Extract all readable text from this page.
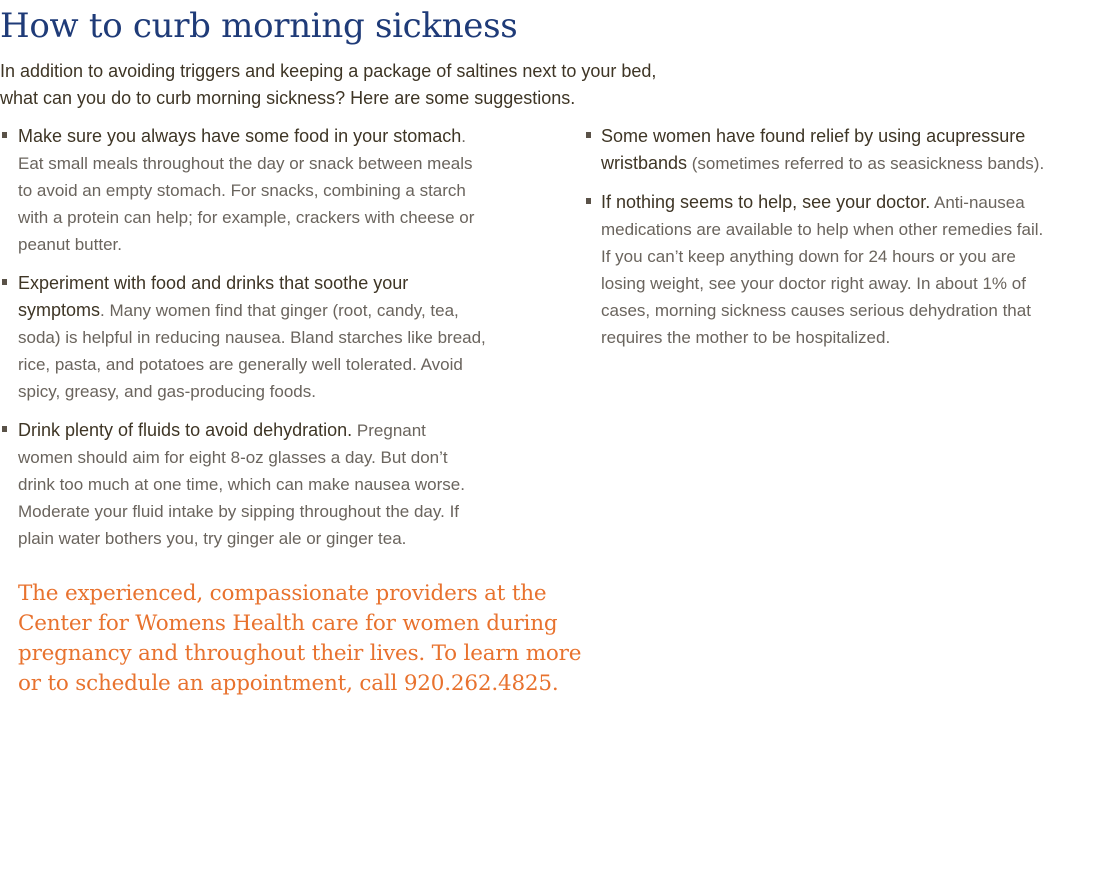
How to curb morning sickness

In addition to avoiding triggers and keeping a package of saltines next to your bed,
what can you do to curb morning sickness? Here are some suggestions.

Make sure you always have some food in your stomach.
Eat small meals throughout the day or snack between meals
to avoid an empty stomach. For snacks, combining a starch
with a protein can help; for example, crackers with cheese or
peanut butter.
Experiment with food and drinks that soothe your
symptoms. Many women find that ginger (root, candy, tea,
soda) is helpful in reducing nausea. Bland starches like bread,
rice, pasta, and potatoes are generally well tolerated. Avoid
spicy, greasy, and gas-producing foods.
Drink plenty of fluids to avoid dehydration. Pregnant
women should aim for eight 8-oz glasses a day. But don’t
drink too much at one time, which can make nausea worse.
Moderate your fluid intake by sipping throughout the day. If
plain water bothers you, try ginger ale or ginger tea.
Some women have found relief by using acupressure
wristbands (sometimes referred to as seasickness bands).
If nothing seems to help, see your doctor. Anti-nausea
medications are available to help when other remedies fail.
If you can’t keep anything down for 24 hours or you are
losing weight, see your doctor right away. In about 1% of
cases, morning sickness causes serious dehydration that
requires the mother to be hospitalized.

The experienced, compassionate providers at the
Center for Womens Health care for women during
pregnancy and throughout their lives. To learn more
or to schedule an appointment, call 920.262.4825.
